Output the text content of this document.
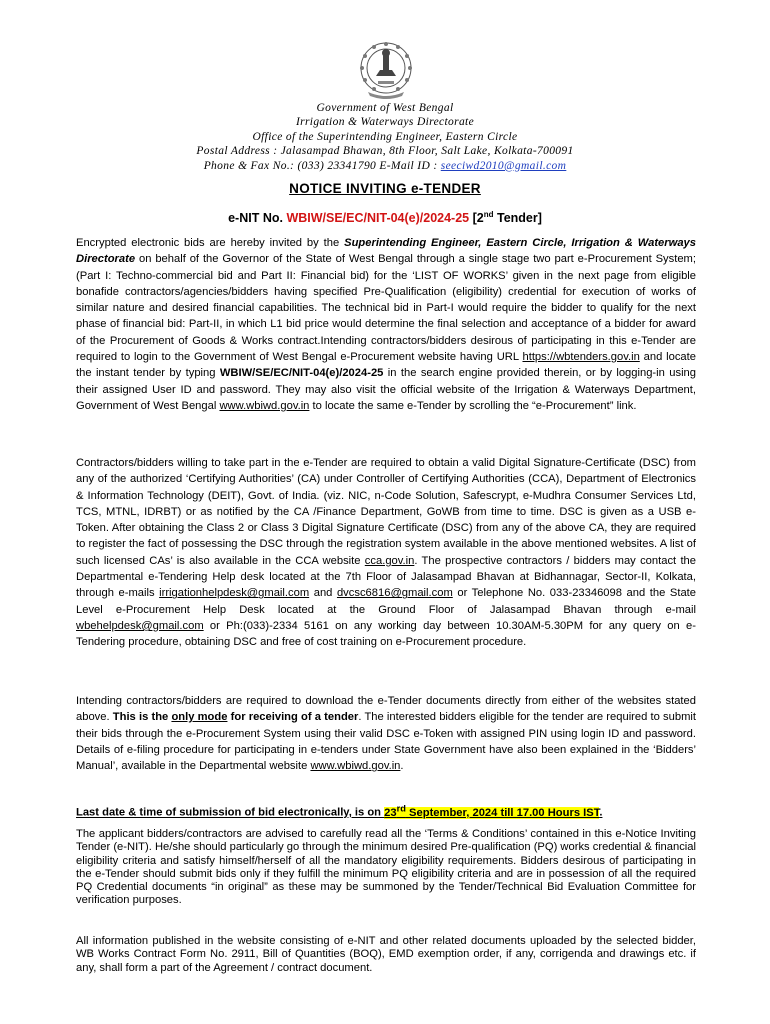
Government of West Bengal
Irrigation & Waterways Directorate
Office of the Superintending Engineer, Eastern Circle
Postal Address : Jalasampad Bhawan, 8th Floor, Salt Lake, Kolkata-700091
Phone & Fax No.: (033) 23341790 E-Mail ID : seeciwd2010@gmail.com
NOTICE INVITING e-TENDER
e-NIT No. WBIW/SE/EC/NIT-04(e)/2024-25 [2nd Tender]
Encrypted electronic bids are hereby invited by the Superintending Engineer, Eastern Circle, Irrigation & Waterways Directorate on behalf of the Governor of the State of West Bengal through a single stage two part e-Procurement System; (Part I: Techno-commercial bid and Part II: Financial bid) for the ‘LIST OF WORKS’ given in the next page from eligible bonafide contractors/agencies/bidders having specified Pre-Qualification (eligibility) credential for execution of works of similar nature and desired financial capabilities. The technical bid in Part-I would require the bidder to qualify for the next phase of financial bid: Part-II, in which L1 bid price would determine the final selection and acceptance of a bidder for award of the Procurement of Goods & Works contract.Intending contractors/bidders desirous of participating in this e-Tender are required to login to the Government of West Bengal e-Procurement website having URL https://wbtenders.gov.in and locate the instant tender by typing WBIW/SE/EC/NIT-04(e)/2024-25 in the search engine provided therein, or by logging-in using their assigned User ID and password. They may also visit the official website of the Irrigation & Waterways Department, Government of West Bengal www.wbiwd.gov.in to locate the same e-Tender by scrolling the “e-Procurement” link.
Contractors/bidders willing to take part in the e-Tender are required to obtain a valid Digital Signature-Certificate (DSC) from any of the authorized ‘Certifying Authorities’ (CA) under Controller of Certifying Authorities (CCA), Department of Electronics & Information Technology (DEIT), Govt. of India. (viz. NIC, n-Code Solution, Safescrypt, e-Mudhra Consumer Services Ltd, TCS, MTNL, IDRBT) or as notified by the CA /Finance Department, GoWB from time to time. DSC is given as a USB e-Token. After obtaining the Class 2 or Class 3 Digital Signature Certificate (DSC) from any of the above CA, they are required to register the fact of possessing the DSC through the registration system available in the above mentioned websites. A list of such licensed CAs’ is also available in the CCA website cca.gov.in. The prospective contractors / bidders may contact the Departmental e-Tendering Help desk located at the 7th Floor of Jalasampad Bhavan at Bidhannagar, Sector-II, Kolkata, through e-mails irrigationhelpdesk@gmail.com and dvcsc6816@gmail.com or Telephone No. 033-23346098 and the State Level e-Procurement Help Desk located at the Ground Floor of Jalasampad Bhavan through e-mail wbehelpdesk@gmail.com or Ph:(033)-2334 5161 on any working day between 10.30AM-5.30PM for any query on e-Tendering procedure, obtaining DSC and free of cost training on e-Procurement procedure.
Intending contractors/bidders are required to download the e-Tender documents directly from either of the websites stated above. This is the only mode for receiving of a tender. The interested bidders eligible for the tender are required to submit their bids through the e-Procurement System using their valid DSC e-Token with assigned PIN using login ID and password. Details of e-filing procedure for participating in e-tenders under State Government have also been explained in the ‘Bidders’ Manual’, available in the Departmental website www.wbiwd.gov.in.
Last date & time of submission of bid electronically, is on 23rd September, 2024 till 17.00 Hours IST.
The applicant bidders/contractors are advised to carefully read all the ‘Terms & Conditions’ contained in this e-Notice Inviting Tender (e-NIT). He/she should particularly go through the minimum desired Pre-qualification (PQ) works credential & financial eligibility criteria and satisfy himself/herself of all the mandatory eligibility requirements. Bidders desirous of participating in the e-Tender should submit bids only if they fulfill the minimum PQ eligibility criteria and are in possession of all the required PQ Credential documents “in original” as these may be summoned by the Tender/Technical Bid Evaluation Committee for verification purposes.
All information published in the website consisting of e-NIT and other related documents uploaded by the selected bidder, WB Works Contract Form No. 2911, Bill of Quantities (BOQ), EMD exemption order, if any, corrigenda and drawings etc. if any, shall form a part of the Agreement / contract document.
